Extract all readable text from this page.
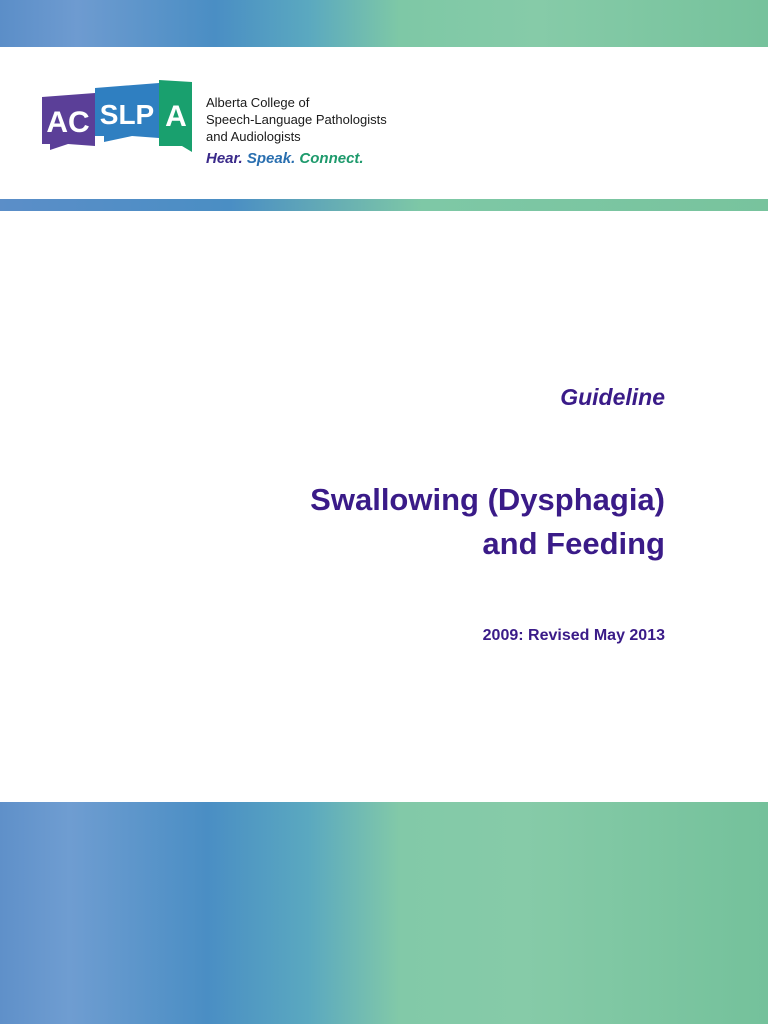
AC SLP A Alberta College of
Speech-Language Pathologists
and Audiologists
Hear. Speak. Connect.
Guideline
Swallowing (Dysphagia)
and Feeding
2009: Revised May 2013
